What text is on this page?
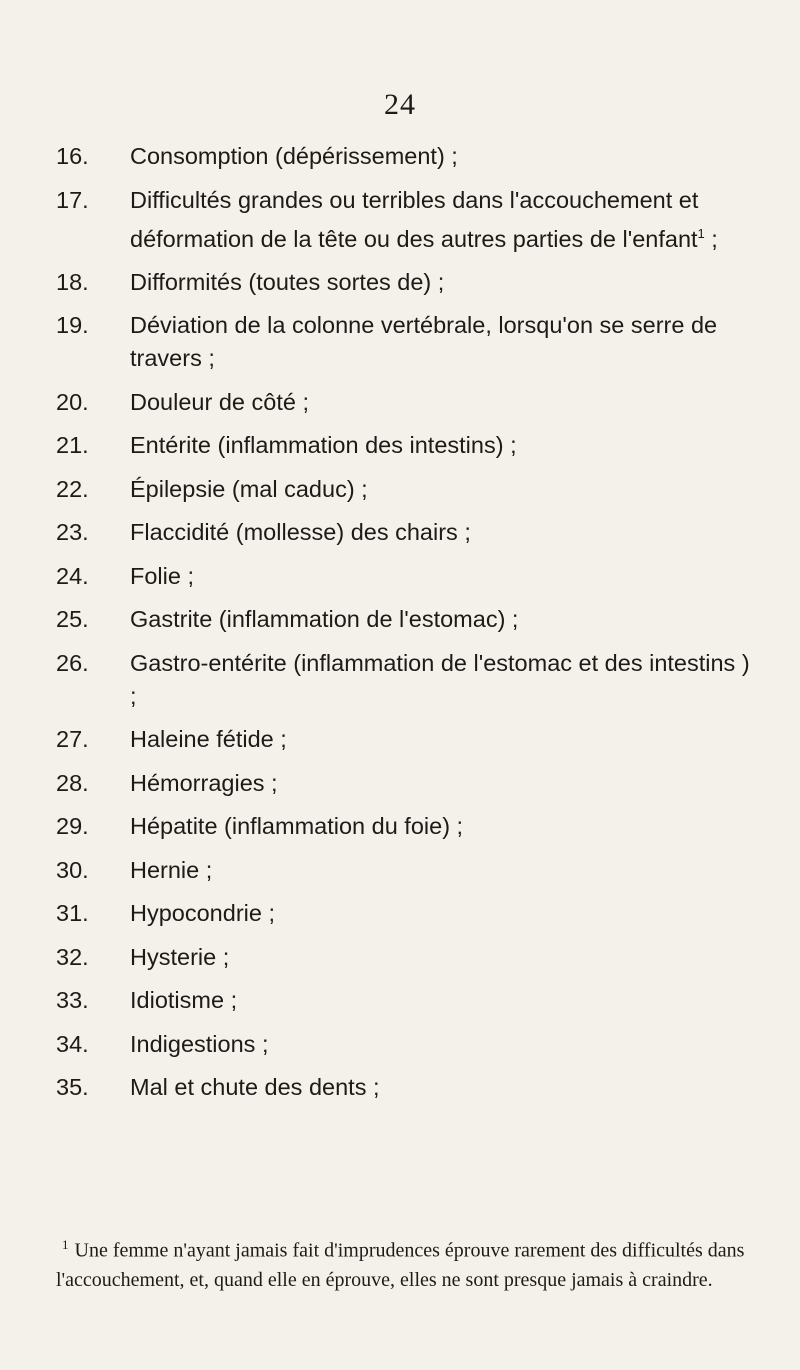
24
16.	Consomption (dépérissement) ;
17.	Difficultés grandes ou terribles dans l'accouchement et déformation de la tête ou des autres parties de l'enfant$^1$ ;
18.	Difformités (toutes sortes de) ;
19.	Déviation de la colonne vertébrale, lorsqu'on se serre de travers ;
20.	Douleur de côté ;
21.	Entérite (inflammation des intestins) ;
22.	Épilepsie (mal caduc) ;
23.	Flaccidité (mollesse) des chairs ;
24.	Folie ;
25.	Gastrite (inflammation de l'estomac) ;
26.	Gastro-entérite (inflammation de l'estomac et des intestins ) ;
27.	Haleine fétide ;
28.	Hémorragies ;
29.	Hépatite (inflammation du foie) ;
30.	Hernie ;
31.	Hypocondrie ;
32.	Hysterie ;
33.	Idiotisme ;
34.	Indigestions ;
35.	Mal et chute des dents ;

$^1$ Une femme n'ayant jamais fait d'imprudences éprouve rarement des difficultés dans l'accouchement, et, quand elle en éprouve, elles ne sont presque jamais à craindre.
